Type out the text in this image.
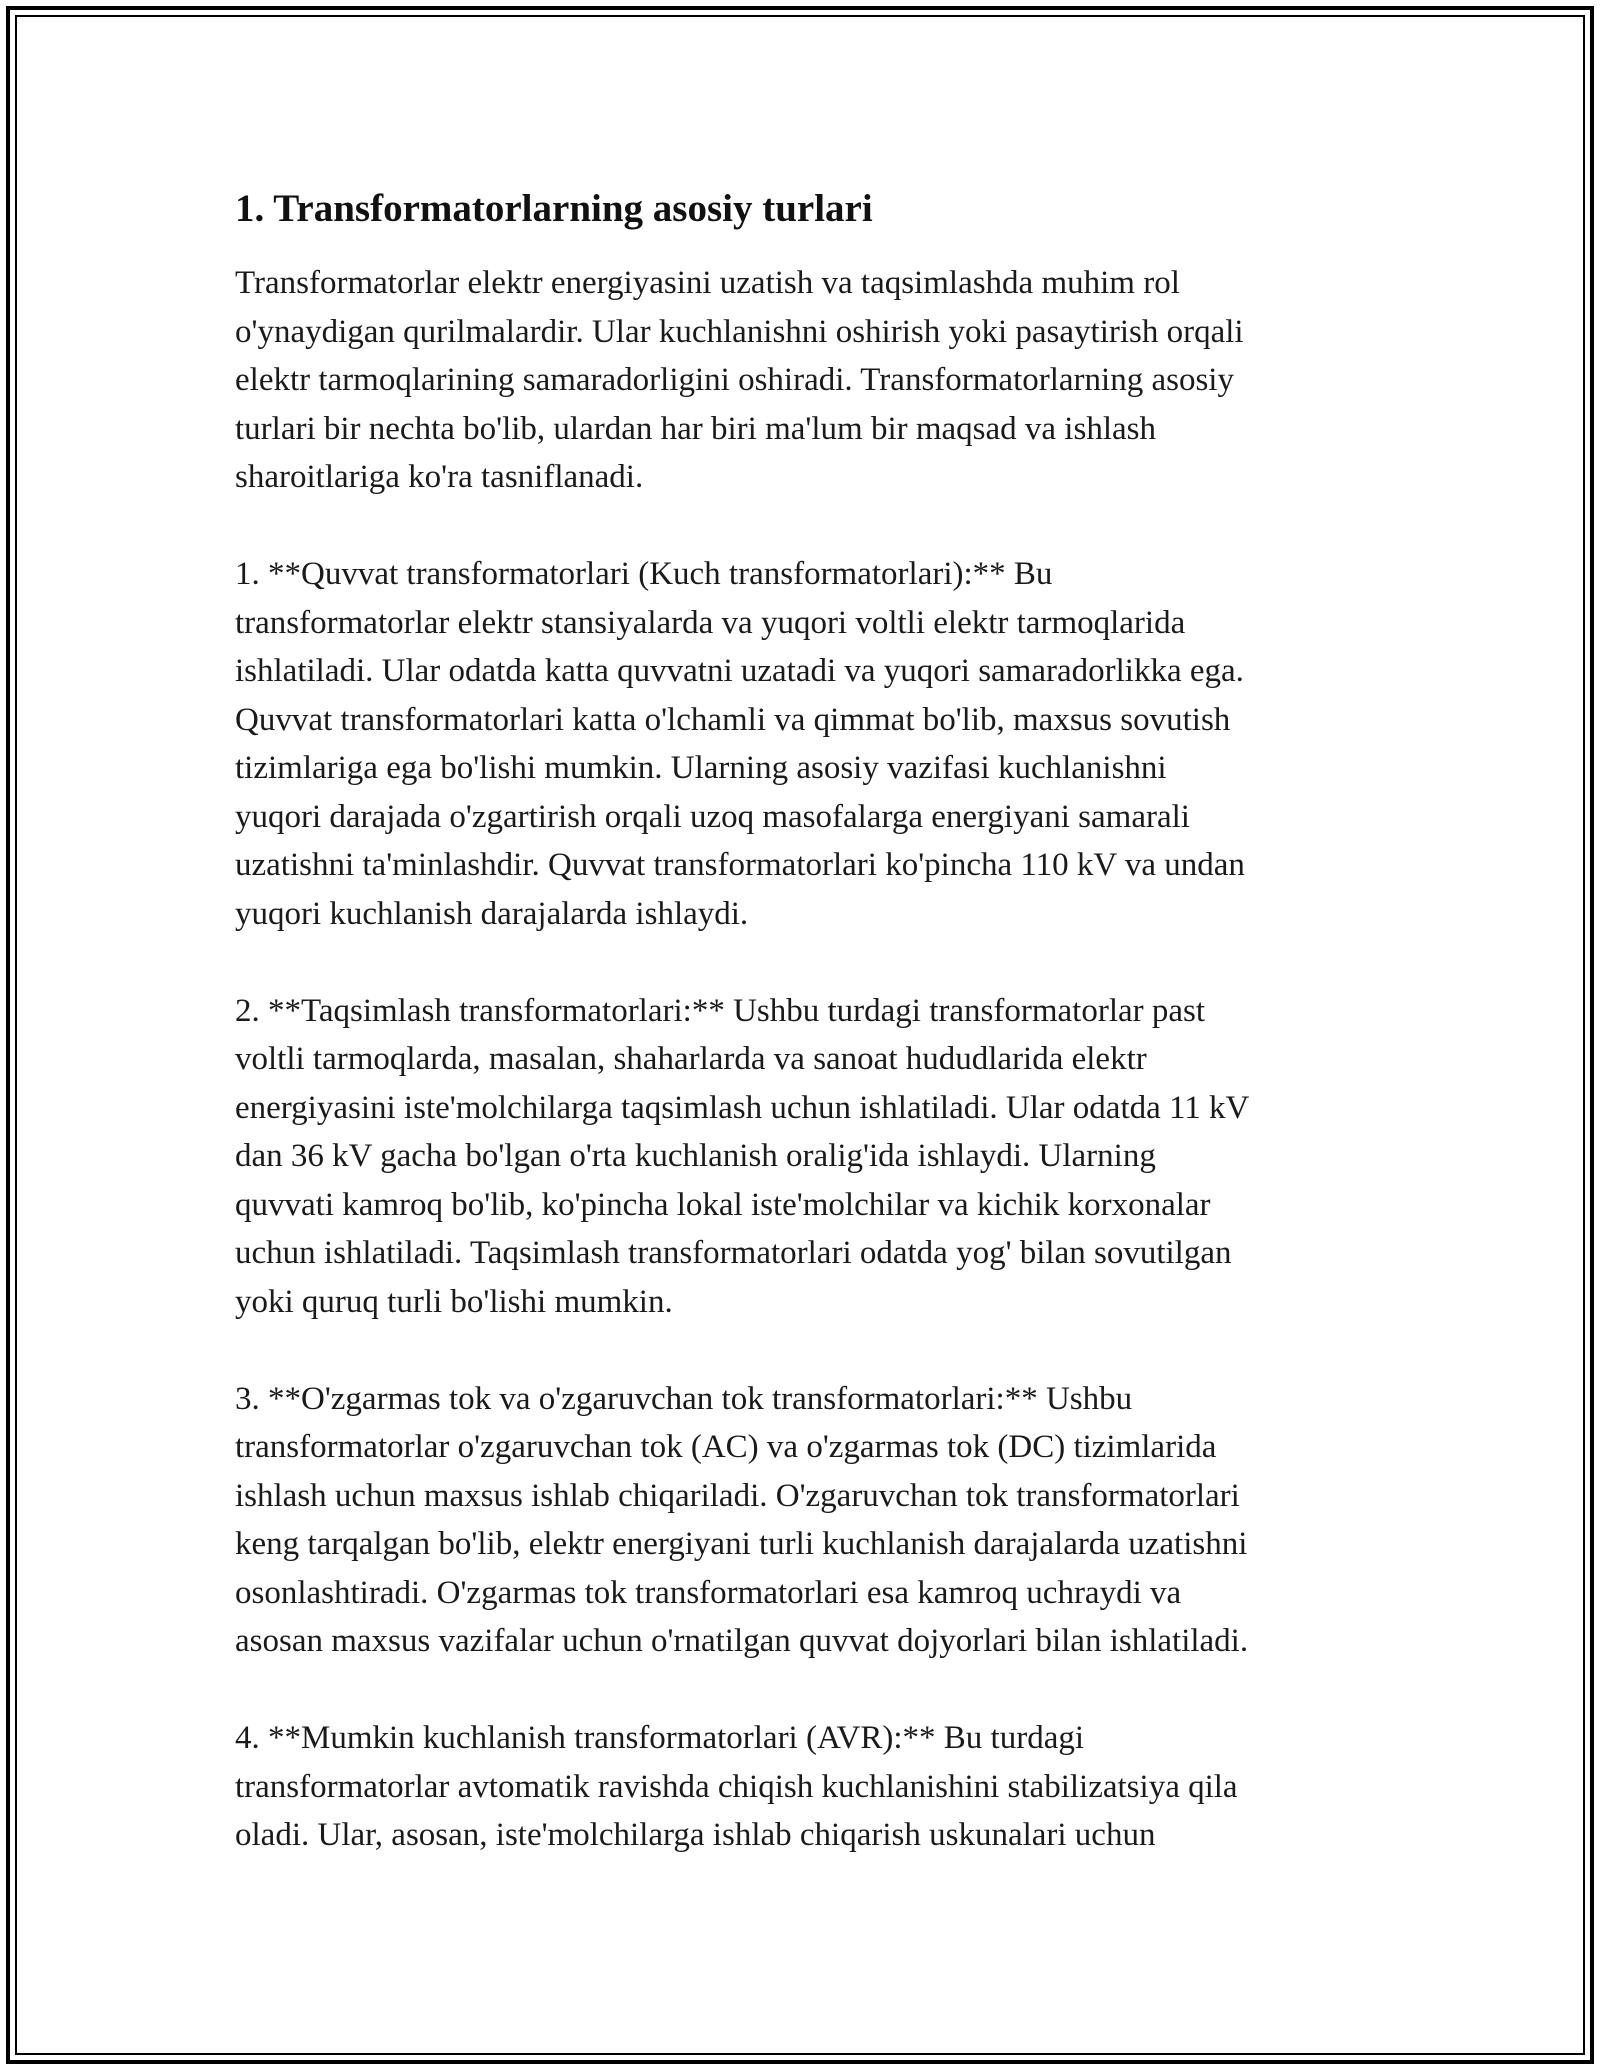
1. Transformatorlarning asosiy turlari
Transformatorlar elektr energiyasini uzatish va taqsimlashda muhim rol
o'ynaydigan qurilmalardir. Ular kuchlanishni oshirish yoki pasaytirish orqali
elektr tarmoqlarining samaradorligini oshiradi. Transformatorlarning asosiy
turlari bir nechta bo'lib, ulardan har biri ma'lum bir maqsad va ishlash
sharoitlariga ko'ra tasniflanadi.
1. **Quvvat transformatorlari (Kuch transformatorlari):** Bu
transformatorlar elektr stansiyalarda va yuqori voltli elektr tarmoqlarida
ishlatiladi. Ular odatda katta quvvatni uzatadi va yuqori samaradorlikka ega.
Quvvat transformatorlari katta o'lchamli va qimmat bo'lib, maxsus sovutish
tizimlariga ega bo'lishi mumkin. Ularning asosiy vazifasi kuchlanishni
yuqori darajada o'zgartirish orqali uzoq masofalarga energiyani samarali
uzatishni ta'minlashdir. Quvvat transformatorlari ko'pincha 110 kV va undan
yuqori kuchlanish darajalarda ishlaydi.
2. **Taqsimlash transformatorlari:** Ushbu turdagi transformatorlar past
voltli tarmoqlarda, masalan, shaharlarda va sanoat hududlarida elektr
energiyasini iste'molchilarga taqsimlash uchun ishlatiladi. Ular odatda 11 kV
dan 36 kV gacha bo'lgan o'rta kuchlanish oralig'ida ishlaydi. Ularning
quvvati kamroq bo'lib, ko'pincha lokal iste'molchilar va kichik korxonalar
uchun ishlatiladi. Taqsimlash transformatorlari odatda yog' bilan sovutilgan
yoki quruq turli bo'lishi mumkin.
3. **O'zgarmas tok va o'zgaruvchan tok transformatorlari:** Ushbu
transformatorlar o'zgaruvchan tok (AC) va o'zgarmas tok (DC) tizimlarida
ishlash uchun maxsus ishlab chiqariladi. O'zgaruvchan tok transformatorlari
keng tarqalgan bo'lib, elektr energiyani turli kuchlanish darajalarda uzatishni
osonlashtiradi. O'zgarmas tok transformatorlari esa kamroq uchraydi va
asosan maxsus vazifalar uchun o'rnatilgan quvvat dojyorlari bilan ishlatiladi.
4. **Mumkin kuchlanish transformatorlari (AVR):** Bu turdagi
transformatorlar avtomatik ravishda chiqish kuchlanishini stabilizatsiya qila
oladi. Ular, asosan, iste'molchilarga ishlab chiqarish uskunalari uchun
